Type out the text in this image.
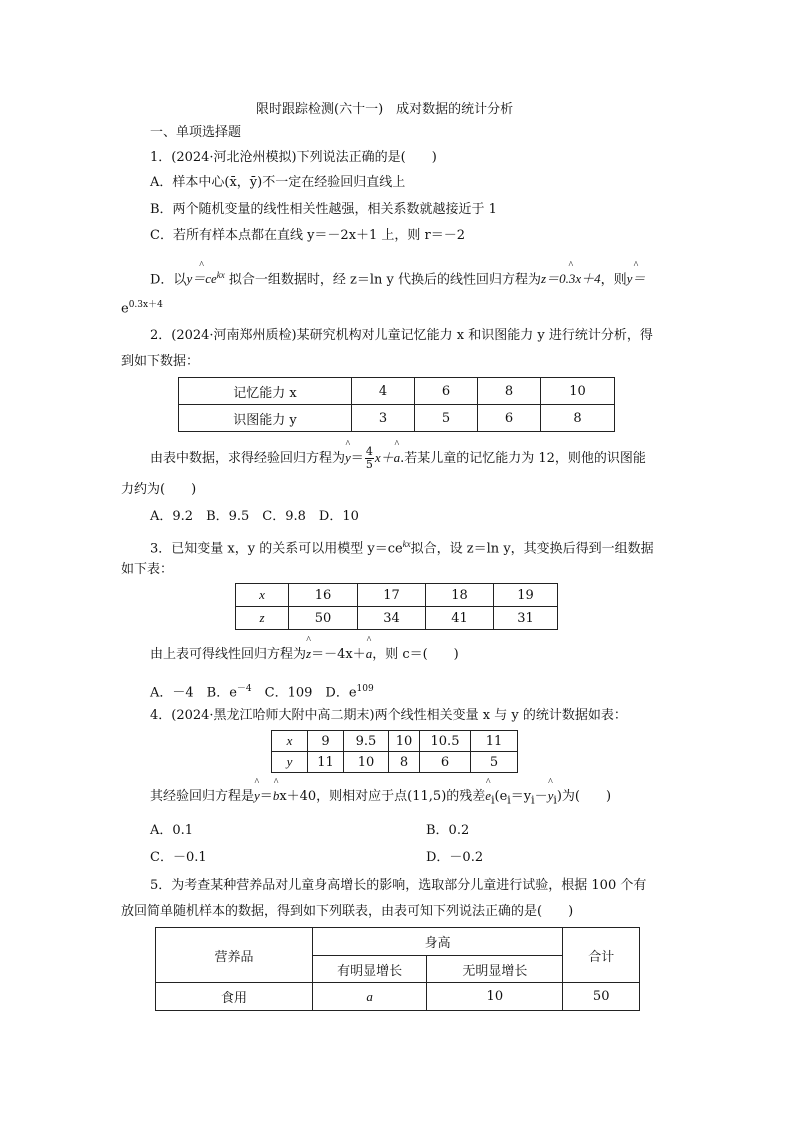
限时跟踪检测(六十一)　成对数据的统计分析
一、单项选择题
1．(2024·河北沧州模拟)下列说法正确的是(　　)
A．样本中心(x̄，ȳ)不一定在经验回归直线上
B．两个随机变量的线性相关性越强，相关系数就越接近于 1
C．若所有样本点都在直线 y＝－2x＋1 上，则 r＝－2
D．以^ $y=ce^{kx}$ 拟合一组数据时，经 z＝ln y 代换后的线性回归方程为^ z＝0.3x＋4，则^ y＝
$e^{0.3x+4}$
2．(2024·河南郑州质检)某研究机构对儿童记忆能力 x 和识图能力 y 进行统计分析，得
到如下数据：
记忆能力 x	4	6	8	10
识图能力 y	3	5	6	8
由表中数据，求得经验回归方程为^ $y= \frac{4}{5}$ x＋^ a.若某儿童的记忆能力为 12，则他的识图能
力约为(　　)
A．9.2　B．9.5　C．9.8　D．10
3．已知变量 x，y 的关系可以用模型 $y=ce^{kx}$拟合，设 z＝ln y，其变换后得到一组数据
如下表：
x	16	17	18	19
z	50	34	41	31
由上表可得线性回归方程为^ z＝－4x＋^ a，则 c＝(　　)
A．－4　B．$e^{-4}$　C．109　D．$e^{109}$
4．(2024·黑龙江哈师大附中高二期末)两个线性相关变量 x 与 y 的统计数据如表：
x	9	9.5	10	10.5	11
y	11	10	8	6	5
其经验回归方程是^ y＝^ bx＋40，则相对应于点(11,5)的残差^ $e_i(e_i=y_i-\^{}$ $y_i$)为(　　)
A．0.1	B．0.2
C．－0.1	D．－0.2
5．为考查某种营养品对儿童身高增长的影响，选取部分儿童进行试验，根据 100 个有
放回简单随机样本的数据，得到如下列联表，由表可知下列说法正确的是(　　)
营养品	身高		合计
	有明显增长	无明显增长	
食用	a	10	50
